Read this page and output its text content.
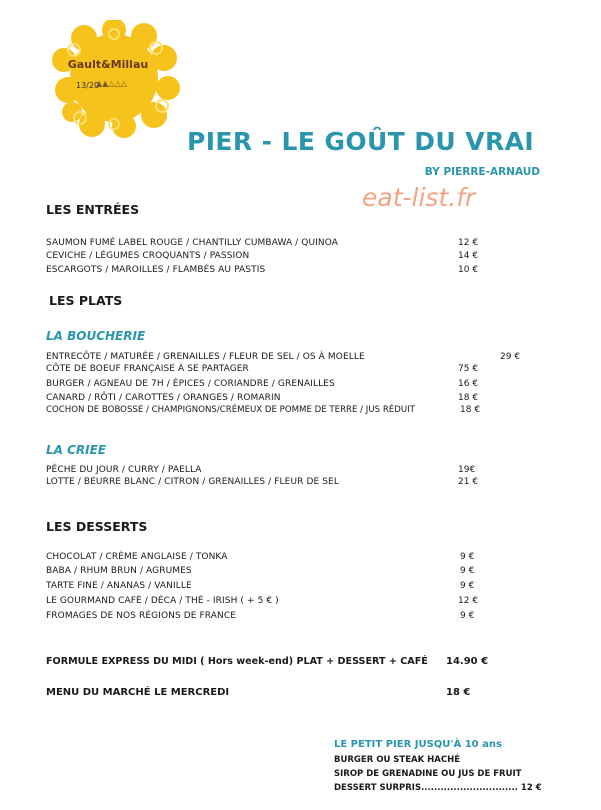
Gault&Millau
13/20
▲▲△△△
PIER - LE GOÛT DU VRAI
BY PIERRE-ARNAUD
eat-list.fr
LES ENTRÉES
SAUMON FUMÉ LABEL ROUGE / CHANTILLY CUMBAWA / QUINOA	12 €
CEVICHE / LÉGUMES CROQUANTS / PASSION	14 €
ESCARGOTS / MAROILLES / FLAMBÉS AU PASTIS	10 €
LES PLATS
LA BOUCHERIE
ENTRECÔTE / MATURÉE / GRENAILLES / FLEUR DE SEL / OS À MOELLE	29 €
CÔTE DE BOEUF FRANÇAISE À SE PARTAGER	75 €
BURGER / AGNEAU DE 7H / ÉPICES / CORIANDRE / GRENAILLES	16 €
CANARD / RÔTI / CAROTTES / ORANGES / ROMARIN	18 €
COCHON DE BOBOSSE / CHAMPIGNONS/CRÉMEUX DE POMME DE TERRE / JUS RÉDUIT	18 €
LA CRIEE
PÊCHE DU JOUR / CURRY / PAELLA	19€
LOTTE / BEURRE BLANC / CITRON / GRENAILLES / FLEUR DE SEL	21 €
LES DESSERTS
CHOCOLAT / CRÈME ANGLAISE / TONKA	9 €
BABA / RHUM BRUN / AGRUMES	9 €
TARTE FINE / ANANAS / VANILLE	9 €
LE GOURMAND CAFÉ / DÉCA / THÉ - IRISH ( + 5 € )	12 €
FROMAGES DE NOS RÉGIONS DE FRANCE	9 €
FORMULE EXPRESS DU MIDI ( Hors week-end) PLAT + DESSERT + CAFÉ 14.90 €
MENU DU MARCHÉ LE MERCREDI	18 €
LE PETIT PIER JUSQU'À 10 ans
BURGER OU STEAK HACHÉ
SIROP DE GRENADINE OU JUS DE FRUIT
DESSERT SURPRIS.............................. 12 €
